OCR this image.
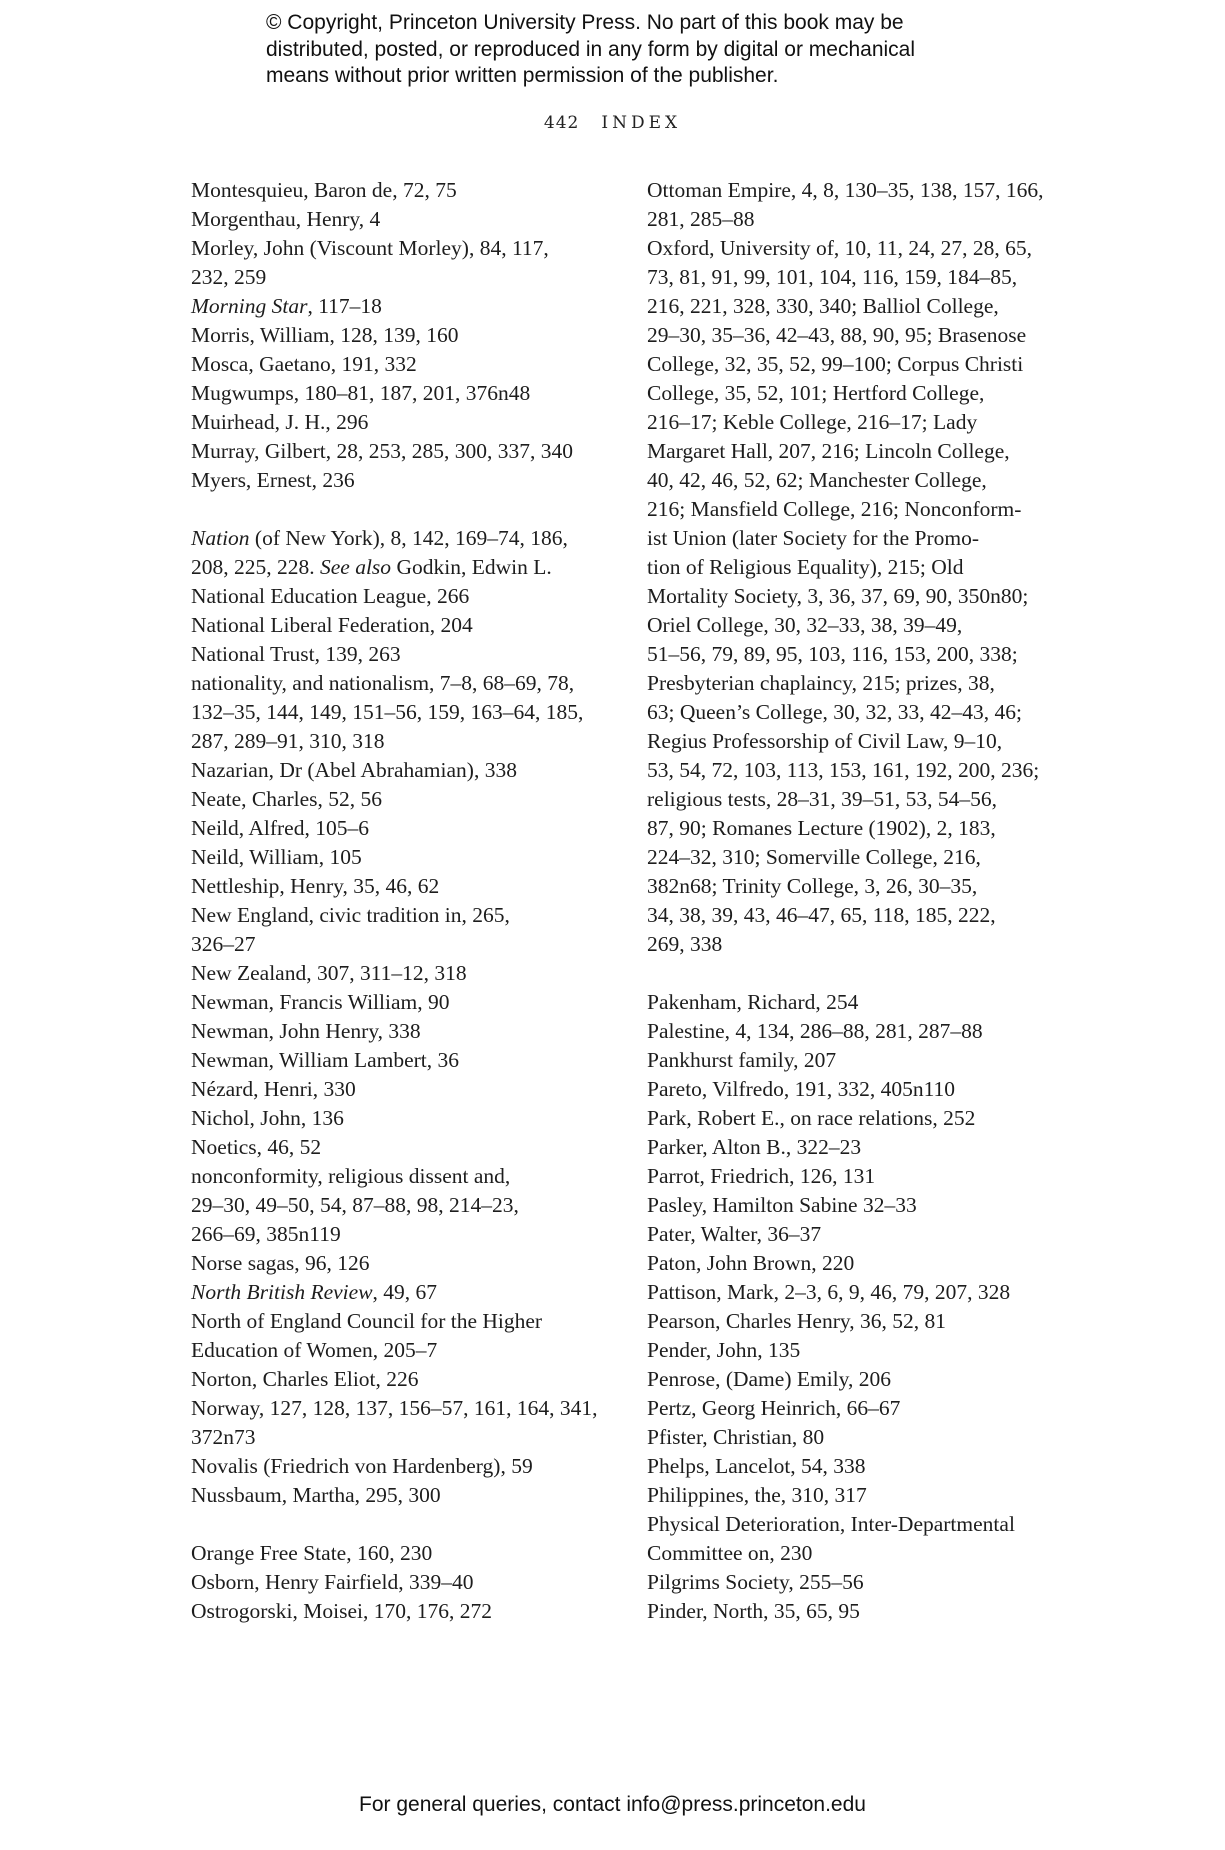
© Copyright, Princeton University Press. No part of this book may be
distributed, posted, or reproduced in any form by digital or mechanical
means without prior written permission of the publisher.
442 INDEX
Montesquieu, Baron de, 72, 75
Morgenthau, Henry, 4
Morley, John (Viscount Morley), 84, 117,
232, 259
Morning Star, 117–18
Morris, William, 128, 139, 160
Mosca, Gaetano, 191, 332
Mugwumps, 180–81, 187, 201, 376n48
Muirhead, J. H., 296
Murray, Gilbert, 28, 253, 285, 300, 337, 340
Myers, Ernest, 236
Nation (of New York), 8, 142, 169–74, 186,
208, 225, 228. See also Godkin, Edwin L.
National Education League, 266
National Liberal Federation, 204
National Trust, 139, 263
nationality, and nationalism, 7–8, 68–69, 78,
132–35, 144, 149, 151–56, 159, 163–64, 185,
287, 289–91, 310, 318
Nazarian, Dr (Abel Abrahamian), 338
Neate, Charles, 52, 56
Neild, Alfred, 105–6
Neild, William, 105
Nettleship, Henry, 35, 46, 62
New England, civic tradition in, 265,
326–27
New Zealand, 307, 311–12, 318
Newman, Francis William, 90
Newman, John Henry, 338
Newman, William Lambert, 36
Nézard, Henri, 330
Nichol, John, 136
Noetics, 46, 52
nonconformity, religious dissent and,
29–30, 49–50, 54, 87–88, 98, 214–23,
266–69, 385n119
Norse sagas, 96, 126
North British Review, 49, 67
North of England Council for the Higher
Education of Women, 205–7
Norton, Charles Eliot, 226
Norway, 127, 128, 137, 156–57, 161, 164, 341,
372n73
Novalis (Friedrich von Hardenberg), 59
Nussbaum, Martha, 295, 300
Orange Free State, 160, 230
Osborn, Henry Fairfield, 339–40
Ostrogorski, Moisei, 170, 176, 272
Ottoman Empire, 4, 8, 130–35, 138, 157, 166,
281, 285–88
Oxford, University of, 10, 11, 24, 27, 28, 65,
73, 81, 91, 99, 101, 104, 116, 159, 184–85,
216, 221, 328, 330, 340; Balliol College,
29–30, 35–36, 42–43, 88, 90, 95; Brasenose
College, 32, 35, 52, 99–100; Corpus Christi
College, 35, 52, 101; Hertford College,
216–17; Keble College, 216–17; Lady
Margaret Hall, 207, 216; Lincoln College,
40, 42, 46, 52, 62; Manchester College,
216; Mansfield College, 216; Nonconform-
ist Union (later Society for the Promo-
tion of Religious Equality), 215; Old
Mortality Society, 3, 36, 37, 69, 90, 350n80;
Oriel College, 30, 32–33, 38, 39–49,
51–56, 79, 89, 95, 103, 116, 153, 200, 338;
Presbyterian chaplaincy, 215; prizes, 38,
63; Queen’s College, 30, 32, 33, 42–43, 46;
Regius Professorship of Civil Law, 9–10,
53, 54, 72, 103, 113, 153, 161, 192, 200, 236;
religious tests, 28–31, 39–51, 53, 54–56,
87, 90; Romanes Lecture (1902), 2, 183,
224–32, 310; Somerville College, 216,
382n68; Trinity College, 3, 26, 30–35,
34, 38, 39, 43, 46–47, 65, 118, 185, 222,
269, 338
Pakenham, Richard, 254
Palestine, 4, 134, 286–88, 281, 287–88
Pankhurst family, 207
Pareto, Vilfredo, 191, 332, 405n110
Park, Robert E., on race relations, 252
Parker, Alton B., 322–23
Parrot, Friedrich, 126, 131
Pasley, Hamilton Sabine 32–33
Pater, Walter, 36–37
Paton, John Brown, 220
Pattison, Mark, 2–3, 6, 9, 46, 79, 207, 328
Pearson, Charles Henry, 36, 52, 81
Pender, John, 135
Penrose, (Dame) Emily, 206
Pertz, Georg Heinrich, 66–67
Pfister, Christian, 80
Phelps, Lancelot, 54, 338
Philippines, the, 310, 317
Physical Deterioration, Inter-Departmental
Committee on, 230
Pilgrims Society, 255–56
Pinder, North, 35, 65, 95
For general queries, contact info@press.princeton.edu
